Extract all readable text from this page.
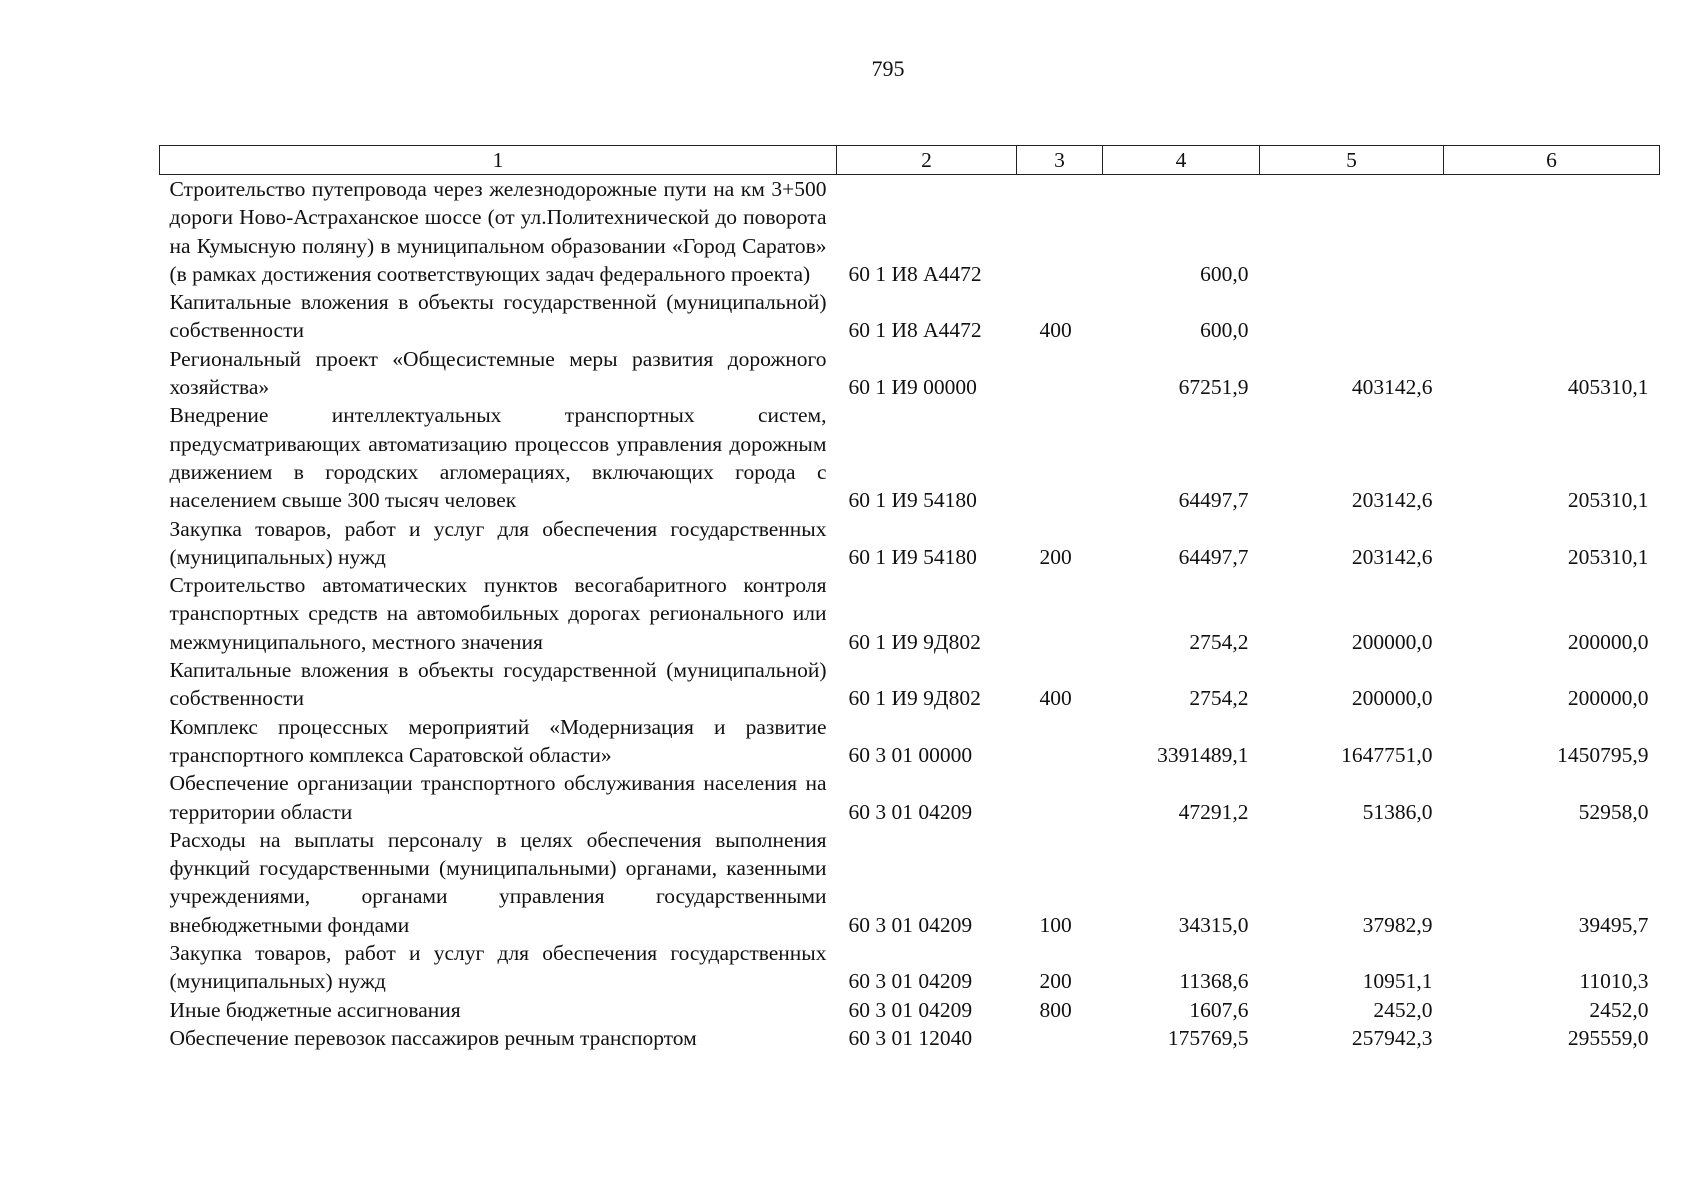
795
1	2	3	4	5	6
Строительство путепровода через железнодорожные пути на км 3+500 дороги Ново-Астраханское шоссе (от ул.Политехнической до поворота на Кумысную поляну) в муниципальном образовании «Город Саратов» (в рамках достижения соответствующих задач федерального проекта)	60 1 И8 А4472		600,0		
Капитальные вложения в объекты государственной (муниципальной) собственности	60 1 И8 А4472	400	600,0		
Региональный проект «Общесистемные меры развития дорожного хозяйства»	60 1 И9 00000		67251,9	403142,6	405310,1
Внедрение интеллектуальных транспортных систем, предусматривающих автоматизацию процессов управления дорожным движением в городских агломерациях, включающих города с населением свыше 300 тысяч человек	60 1 И9 54180		64497,7	203142,6	205310,1
Закупка товаров, работ и услуг для обеспечения государственных (муниципальных) нужд	60 1 И9 54180	200	64497,7	203142,6	205310,1
Строительство автоматических пунктов весогабаритного контроля транспортных средств на автомобильных дорогах регионального или межмуниципального, местного значения	60 1 И9 9Д802		2754,2	200000,0	200000,0
Капитальные вложения в объекты государственной (муниципальной) собственности	60 1 И9 9Д802	400	2754,2	200000,0	200000,0
Комплекс процессных мероприятий «Модернизация и развитие транспортного комплекса Саратовской области»	60 3 01 00000		3391489,1	1647751,0	1450795,9
Обеспечение организации транспортного обслуживания населения на территории области	60 3 01 04209		47291,2	51386,0	52958,0
Расходы на выплаты персоналу в целях обеспечения выполнения функций государственными (муниципальными) органами, казенными учреждениями, органами управления государственными внебюджетными фондами	60 3 01 04209	100	34315,0	37982,9	39495,7
Закупка товаров, работ и услуг для обеспечения государственных (муниципальных) нужд	60 3 01 04209	200	11368,6	10951,1	11010,3
Иные бюджетные ассигнования	60 3 01 04209	800	1607,6	2452,0	2452,0
Обеспечение перевозок пассажиров речным транспортом	60 3 01 12040		175769,5	257942,3	295559,0
